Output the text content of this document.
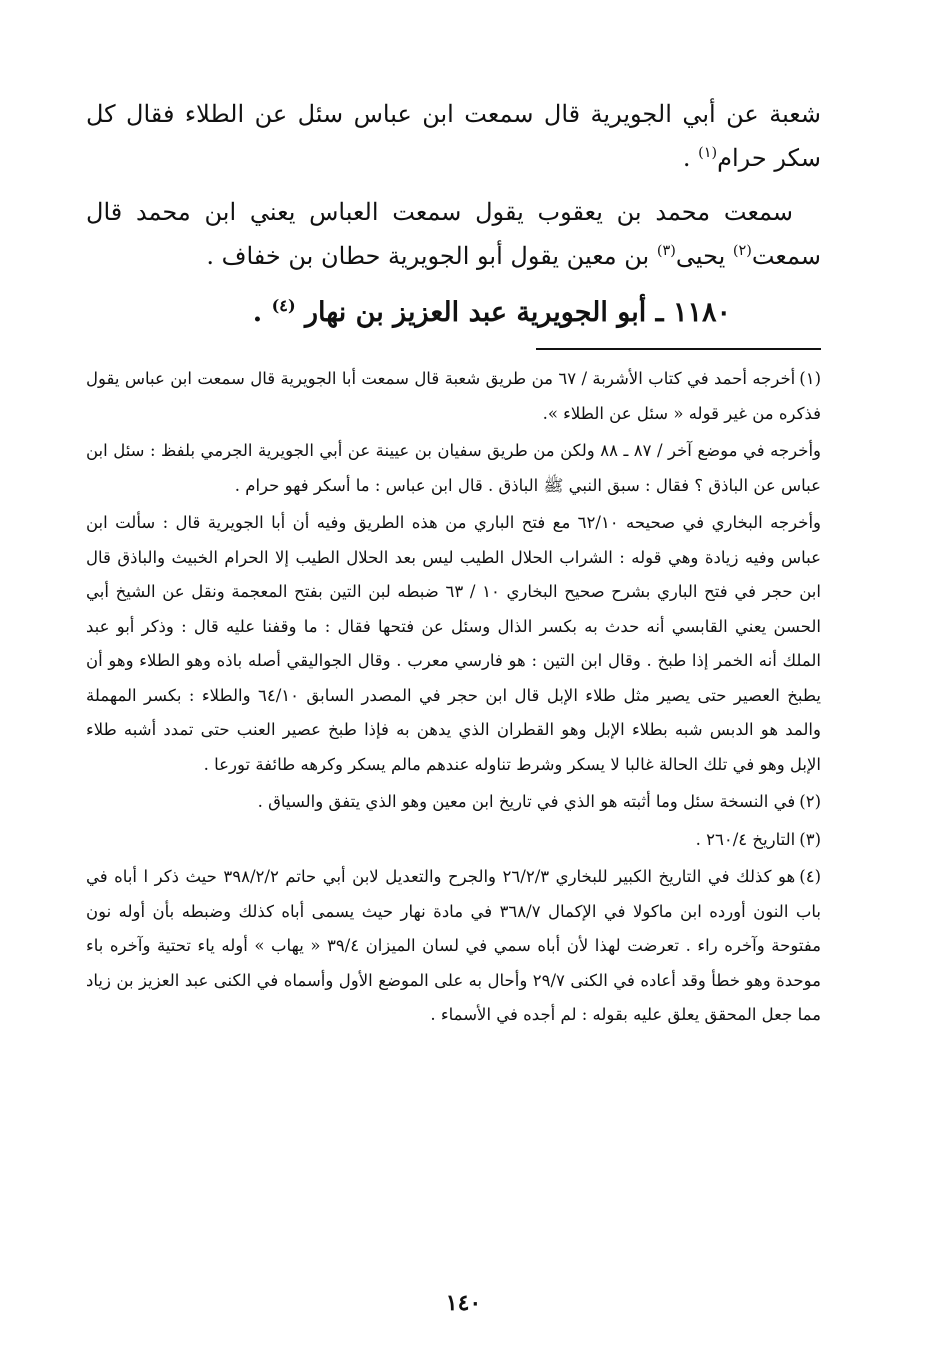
شعبة عن أبي الجويرية قال سمعت ابن عباس سئل عن الطلاء فقال كل سكر حرام$^{(١)}$ .

سمعت محمد بن يعقوب يقول سمعت العباس يعني ابن محمد قال سمعت$^{(٢)}$ يحيى$^{(٣)}$ بن معين يقول أبو الجويرية حطان بن خفاف .

١١٨٠ ـ أبو الجويرية عبد العزيز بن نهار $^{(٤)}$ .

(١)أخرجه أحمد في كتاب الأشربة / ٦٧ من طريق شعبة قال سمعت أبا الجويرية قال سمعت ابن عباس يقول فذكره من غير قوله « سئل عن الطلاء ».

وأخرجه في موضع آخر / ٨٧ ـ ٨٨ ولكن من طريق سفيان بن عيينة عن أبي الجويرية الجرمي بلفظ : سئل ابن عباس عن الباذق ؟ فقال : سبق النبي ﷺ الباذق . قال ابن عباس : ما أسكر فهو حرام .

وأخرجه البخاري في صحيحه ٦٢/١٠ مع فتح الباري من هذه الطريق وفيه أن أبا الجويرية قال : سألت ابن عباس وفيه زيادة وهي قوله : الشراب الحلال الطيب ليس بعد الحلال الطيب إلا الحرام الخبيث والباذق قال ابن حجر في فتح الباري بشرح صحيح البخاري ١٠ / ٦٣ ضبطه لبن التين بفتح المعجمة ونقل عن الشيخ أبي الحسن يعني القابسي أنه حدث به بكسر الذال وسئل عن فتحها فقال : ما وقفنا عليه قال : وذكر أبو عبد الملك أنه الخمر إذا طبخ . وقال ابن التين : هو فارسي معرب . وقال الجواليقي أصله باذه وهو الطلاء وهو أن يطبخ العصير حتى يصير مثل طلاء الإبل قال ابن حجر في المصدر السابق ٦٤/١٠ والطلاء : بكسر المهملة والمد هو الدبس شبه بطلاء الإبل وهو القطران الذي يدهن به فإذا طبخ عصير العنب حتى تمدد أشبه طلاء الإبل وهو في تلك الحالة غالبا لا يسكر وشرط تناوله عندهم مالم يسكر وكرهه طائفة تورعا .

(٢)في النسخة سئل وما أثبته هو الذي في تاريخ ابن معين وهو الذي يتفق والسياق .

(٣)التاريخ ٢٦٠/٤ .

(٤)هو كذلك في التاريخ الكبير للبخاري ٢٦/٢/٣ والجرح والتعديل لابن أبي حاتم ٣٩٨/٢/٢ حيث ذكر ا أباه في باب النون أورده ابن ماكولا في الإكمال ٣٦٨/٧ في مادة نهار حيث يسمى أباه كذلك وضبطه بأن أوله نون مفتوحة وآخره راء . تعرضت لهذا لأن أباه سمي في لسان الميزان ٣٩/٤ « يهاب » أوله ياء تحتية وآخره باء موحدة وهو خطأ وقد أعاده في الكنى ٢٩/٧ وأحال به على الموضع الأول وأسماه في الكنى عبد العزيز بن زياد مما جعل المحقق يعلق عليه بقوله : لم أجده في الأسماء .

١٤٠
